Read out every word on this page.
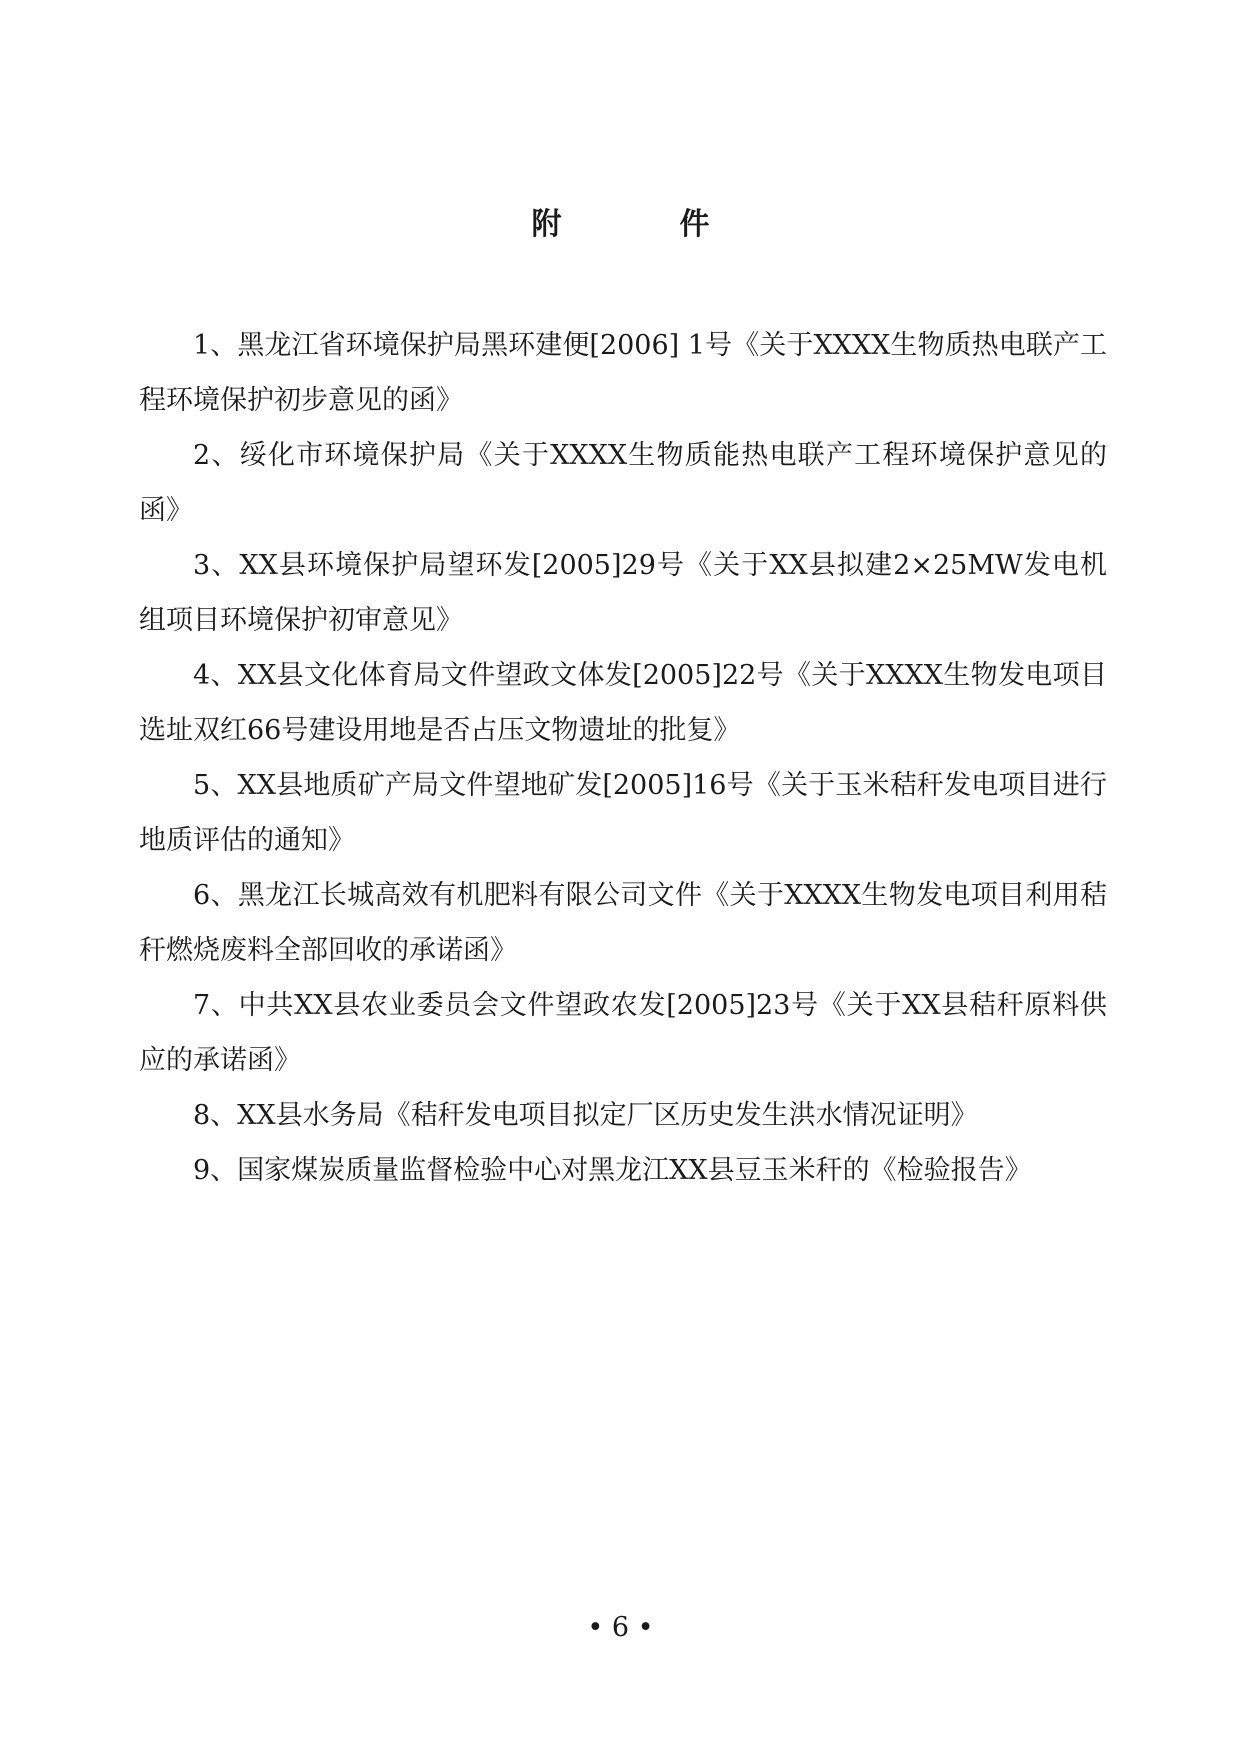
附	件

1、黑龙江省环境保护局黑环建便[2006] 1号《关于XXXX生物质热电联产工程环境保护初步意见的函》

2、绥化市环境保护局《关于XXXX生物质能热电联产工程环境保护意见的函》

3、XX县环境保护局望环发[2005]29号《关于XX县拟建2×25MW发电机组项目环境保护初审意见》

4、XX县文化体育局文件望政文体发[2005]22号《关于XXXX生物发电项目选址双红66号建设用地是否占压文物遗址的批复》

5、XX县地质矿产局文件望地矿发[2005]16号《关于玉米秸秆发电项目进行地质评估的通知》

6、黑龙江长城高效有机肥料有限公司文件《关于XXXX生物发电项目利用秸秆燃烧废料全部回收的承诺函》

7、中共XX县农业委员会文件望政农发[2005]23号《关于XX县秸秆原料供应的承诺函》

8、XX县水务局《秸秆发电项目拟定厂区历史发生洪水情况证明》

9、国家煤炭质量监督检验中心对黑龙江XX县豆玉米秆的《检验报告》

• 6 •
